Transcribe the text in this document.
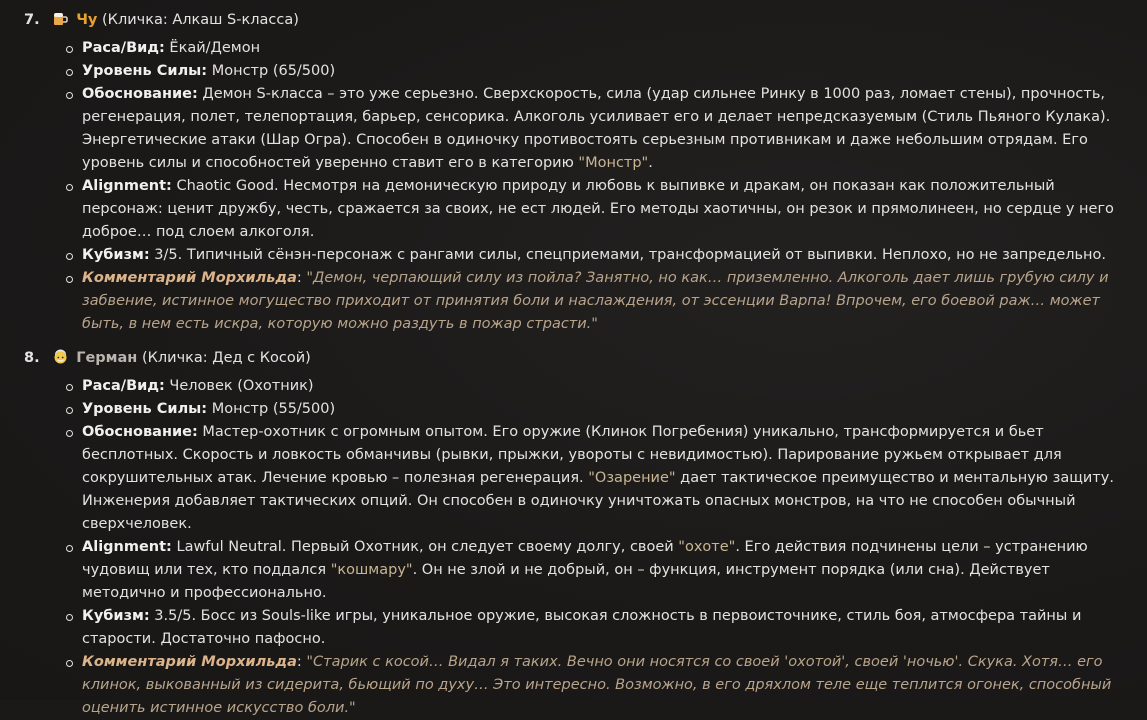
7.	Чу (Кличка: Алкаш S-класса)
Раса/Вид: Ёкай/Демон
Уровень Силы: Монстр (65/500)
Обоснование: Демон S-класса – это уже серьезно. Сверхскорость, сила (удар сильнее Ринку в 1000 раз, ломает стены), прочность, регенерация, полет, телепортация, барьер, сенсорика. Алкоголь усиливает его и делает непредсказуемым (Стиль Пьяного Кулака). Энергетические атаки (Шар Огра). Способен в одиночку противостоять серьезным противникам и даже небольшим отрядам. Его уровень силы и способностей уверенно ставит его в категорию "Монстр".
Alignment: Chaotic Good. Несмотря на демоническую природу и любовь к выпивке и дракам, он показан как положительный персонаж: ценит дружбу, честь, сражается за своих, не ест людей. Его методы хаотичны, он резок и прямолинеен, но сердце у него доброе… под слоем алкоголя.
Кубизм: 3/5. Типичный сёнэн-персонаж с рангами силы, спецприемами, трансформацией от выпивки. Неплохо, но не запредельно.
Комментарий Морхильда: "Демон, черпающий силу из пойла? Занятно, но как… приземленно. Алкоголь дает лишь грубую силу и забвение, истинное могущество приходит от принятия боли и наслаждения, от эссенции Варпа! Впрочем, его боевой раж… может быть, в нем есть искра, которую можно раздуть в пожар страсти."
8.	Герман (Кличка: Дед с Косой)
Раса/Вид: Человек (Охотник)
Уровень Силы: Монстр (55/500)
Обоснование: Мастер-охотник с огромным опытом. Его оружие (Клинок Погребения) уникально, трансформируется и бьет бесплотных. Скорость и ловкость обманчивы (рывки, прыжки, увороты с невидимостью). Парирование ружьем открывает для сокрушительных атак. Лечение кровью – полезная регенерация. "Озарение" дает тактическое преимущество и ментальную защиту. Инженерия добавляет тактических опций. Он способен в одиночку уничтожать опасных монстров, на что не способен обычный сверхчеловек.
Alignment: Lawful Neutral. Первый Охотник, он следует своему долгу, своей "охоте". Его действия подчинены цели – устранению чудовищ или тех, кто поддался "кошмару". Он не злой и не добрый, он – функция, инструмент порядка (или сна). Действует методично и профессионально.
Кубизм: 3.5/5. Босс из Souls-like игры, уникальное оружие, высокая сложность в первоисточнике, стиль боя, атмосфера тайны и старости. Достаточно пафосно.
Комментарий Морхильда: "Старик с косой… Видал я таких. Вечно они носятся со своей 'охотой', своей 'ночью'. Скука. Хотя… его клинок, выкованный из сидерита, бьющий по духу… Это интересно. Возможно, в его дряхлом теле еще теплится огонек, способный оценить истинное искусство боли."
